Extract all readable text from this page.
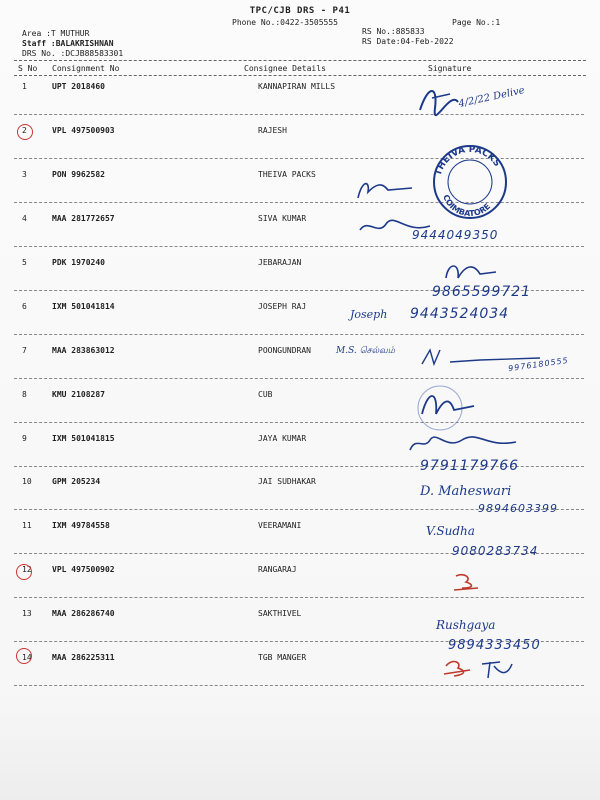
TPC/CJB DRS - P41
Phone No.:0422-3505555	Page No.:1
Area :T MUTHUR
Staff :BALAKRISHNAN
DRS No. :DCJB88583301
RS No.:885833
RS Date:04-Feb-2022
S No Consignment No	Consignee Details	Signature
1	UPT 2018460	KANNAPIRAN MILLS
2	VPL 497500903	RAJESH
3	PON 9962582	THEIVA PACKS
4	MAA 281772657	SIVA KUMAR
5	PDK 1970240	JEBARAJAN
6	IXM 501041814	JOSEPH RAJ
7	MAA 283863012	POONGUNDRAN
8	KMU 2108287	CUB
9	IXM 501041815	JAYA KUMAR
10	GPM 205234	JAI SUDHAKAR
11	IXM 49784558	VEERAMANI
12	VPL 497500902	RANGARAJ
13	MAA 286286740	SAKTHIVEL
14	MAA 286225311	TGB MANGER
4/2/22 Delive
THEIVA PACKS
COIMBATORE
9444049350
9865599721
Joseph 9443524034
M.S. செல்வம்
9976180555
9791179766
D. Maheswari
9894603399
V.Sudha
9080283734
Rushgaya
9894333450
